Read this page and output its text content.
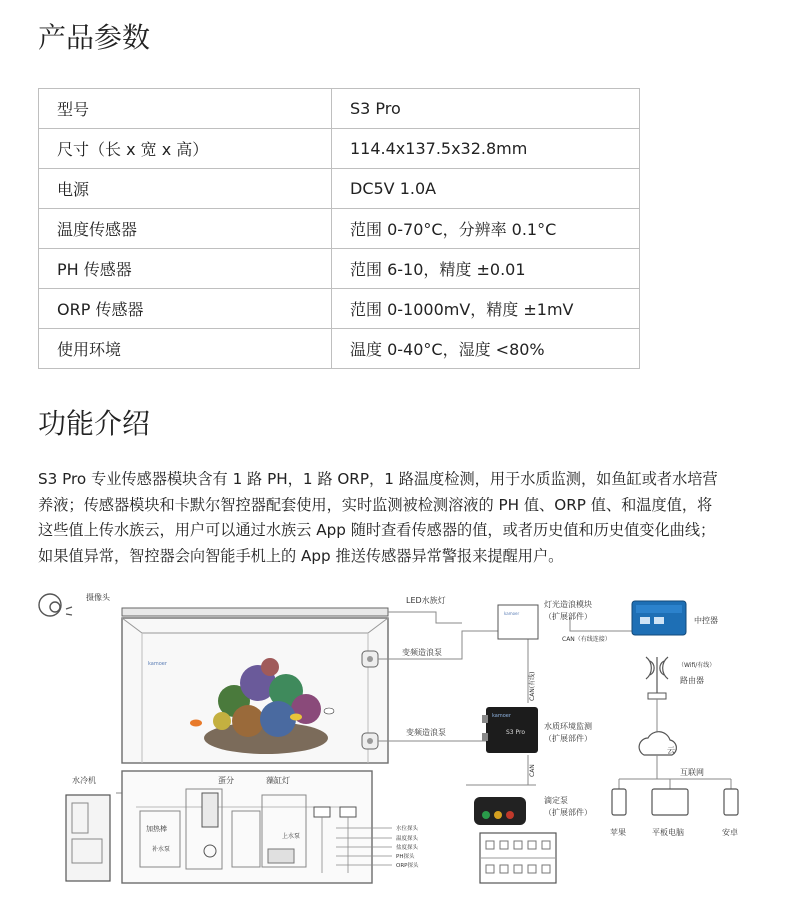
产品参数
型号	S3 Pro
尺寸（长 x 宽 x 高）	114.4x137.5x32.8mm
电源	DC5V 1.0A
温度传感器	范围 0-70°C，分辨率 0.1°C
PH 传感器	范围 6-10，精度 ±0.01
ORP 传感器	范围 0-1000mV，精度 ±1mV
使用环境	温度 0-40°C，湿度 <80%
功能介绍
S3 Pro 专业传感器模块含有 1 路 PH，1 路 ORP，1 路温度检测，用于水质监测，如鱼缸或者水培营
养液；传感器模块和卡默尔智控器配套使用，实时监测被检测溶液的 PH 值、ORP 值、和温度值，将
这些值上传水族云，用户可以通过水族云 App 随时查看传感器的值，或者历史值和历史值变化曲线；
如果值异常，智控器会向智能手机上的 App 推送传感器异常警报来提醒用户。
摄像头	LED水族灯
kamoer
变频造浪泵
变频造浪泵
kamoer
灯光造浪模块
（扩展部件）	中控器
CAN（有线连接）
CAN(有线)
（Wifi/有线）
路由器
云
互联网
苹果	平板电脑	安卓
kamoer
S3 Pro
水质环境监测
（扩展部件）
CAN
水冷机	蛋分	藻缸灯
加热棒
补水泵
上水泵
水位探头
温度探头
盐度探头
PH探头
ORP探头
滴定泵
（扩展部件）
